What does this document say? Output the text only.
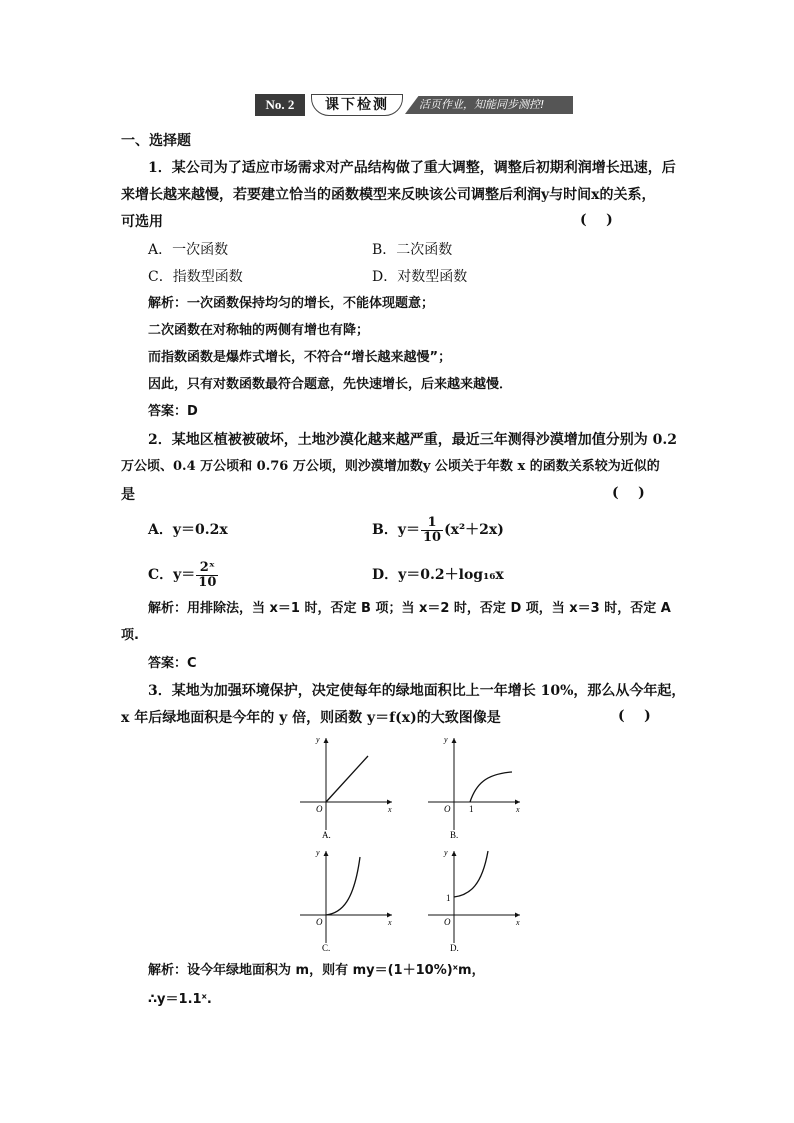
No. 2	课下检测	活页作业，知能同步测控!
一、选择题
1．某公司为了适应市场需求对产品结构做了重大调整，调整后初期利润增长迅速，后
来增长越来越慢，若要建立恰当的函数模型来反映该公司调整后利润y与时间x的关系，
可选用	(    )
A．一次函数	B．二次函数
C．指数型函数	D．对数型函数
解析：一次函数保持均匀的增长，不能体现题意；
二次函数在对称轴的两侧有增也有降；
而指数函数是爆炸式增长，不符合“增长越来越慢”；
因此，只有对数函数最符合题意，先快速增长，后来越来越慢．
答案：D
2．某地区植被被破坏，土地沙漠化越来越严重，最近三年测得沙漠增加值分别为 0.2
万公顷、0.4 万公顷和 0.76 万公顷，则沙漠增加数y 公顷关于年数 x 的函数关系较为近似的
是	(    )
A．y＝0.2x	B．$y= \frac{1}{10} (x^2+2x)$
C．$y= \frac{\text{2ˣ}}{10}$	D．y＝0.2＋log₁₆x
解析：用排除法，当 x＝1 时，否定 B 项；当 x＝2 时，否定 D 项，当 x＝3 时，否定 A
项.
答案：C
3．某地为加强环境保护，决定使每年的绿地面积比上一年增长 10%，那么从今年起，
x 年后绿地面积是今年的 y 倍，则函数 y＝f(x)的大致图像是	(    )
y
x
O
A.
y
x
O 1
B.
y
x
O
C.
y
x
O
1
D.
解析：设今年绿地面积为 m，则有 my＝(1＋10%)ˣm，
∴y＝1.1ˣ.
